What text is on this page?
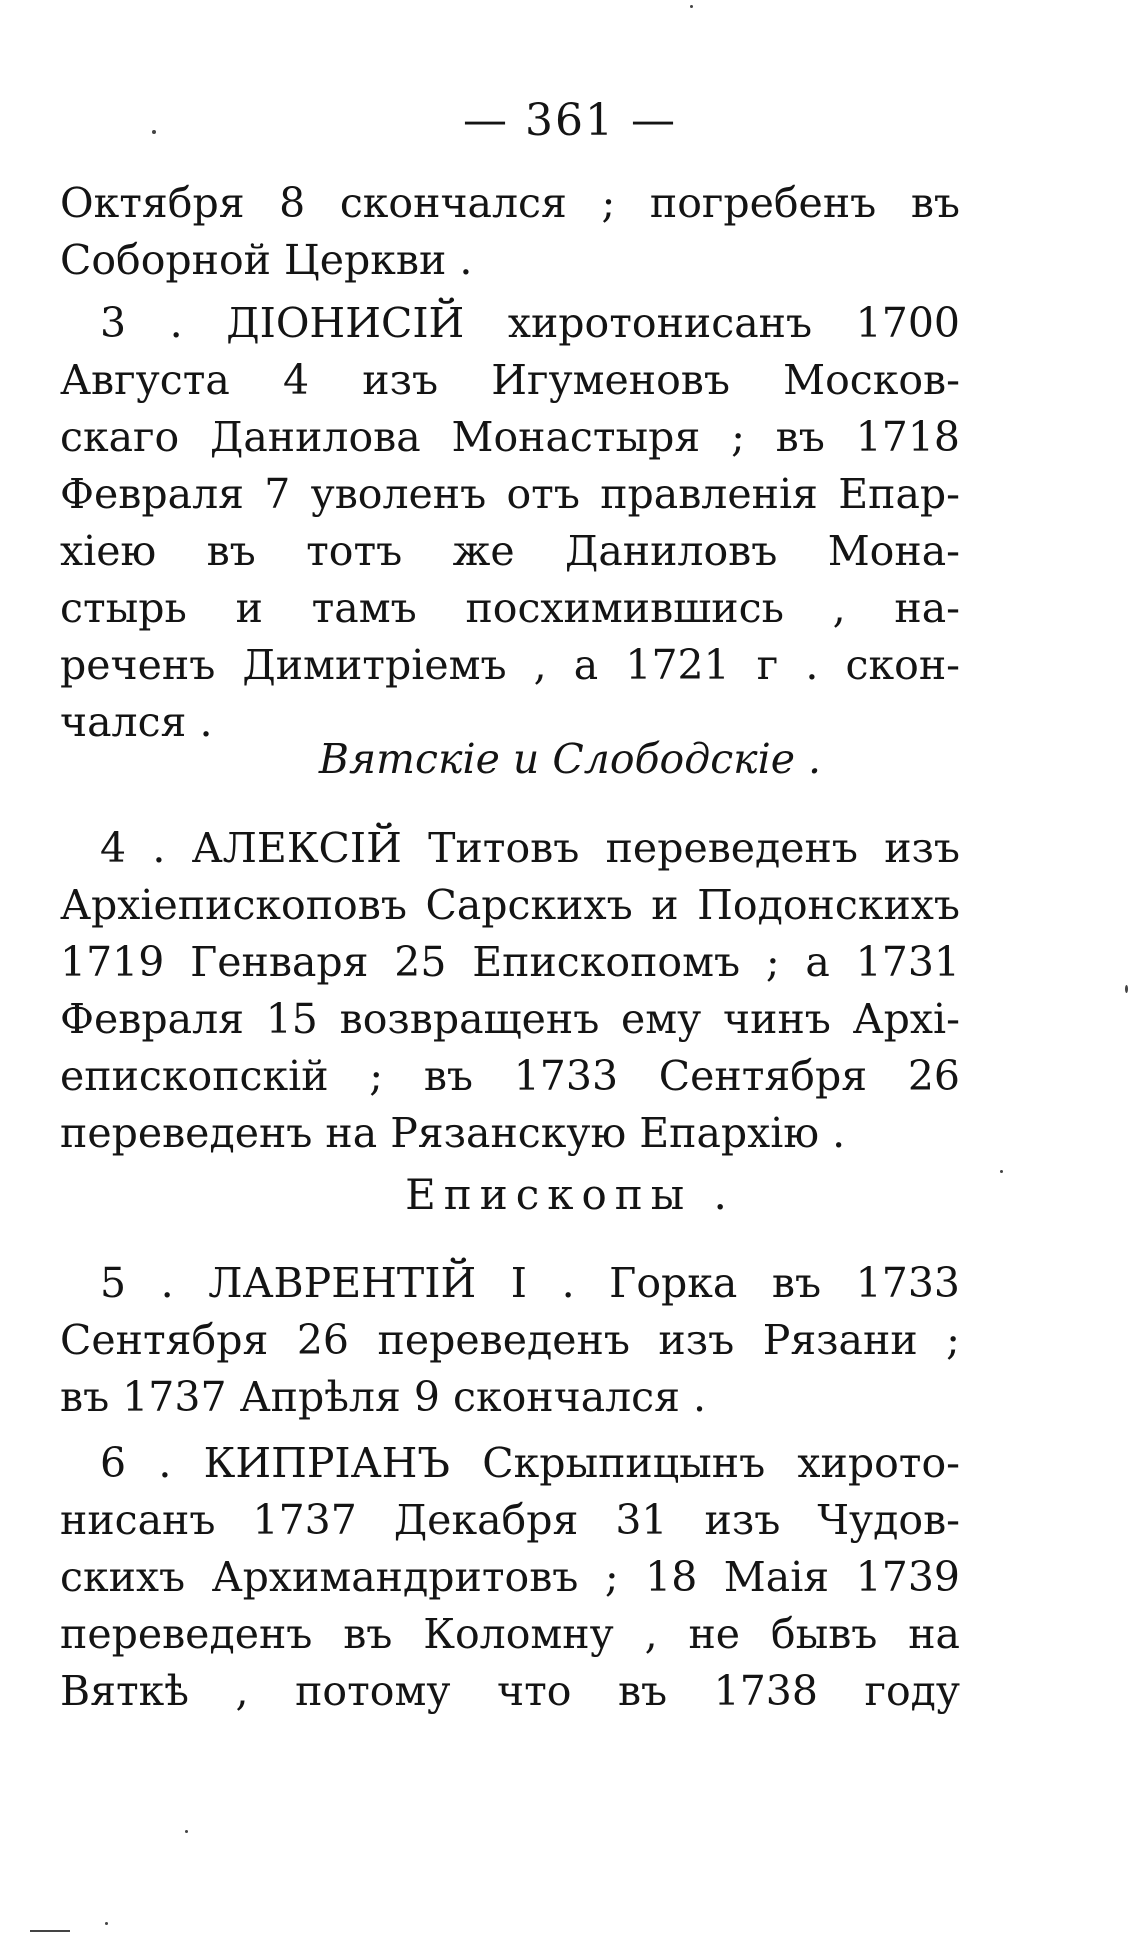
— 361 —
Октября 8 скончался ; погребенъ въ
Соборной Церкви .
3 . ДІОНИСІЙ хиротонисанъ 1700
Августа 4 изъ Игуменовъ Москов-
скаго Данилова Монастыря ; въ 1718
Февраля 7 уволенъ отъ правленія Епар-
хіею въ тотъ же Даниловъ Мона-
стырь и тамъ посхимившись , на-
реченъ Димитріемъ , а 1721 г . скон-
чался .
Вятскіе и Слободскіе .
4 . АЛЕКСІЙ Титовъ переведенъ изъ
Архіепископовъ Сарскихъ и Подонскихъ
1719 Генваря 25 Епископомъ ; а 1731
Февраля 15 возвращенъ ему чинъ Архі-
епископскій ; въ 1733 Сентября 26
переведенъ на Рязанскую Епархію .
Епископы .
5 . ЛАВРЕНТІЙ I . Горка въ 1733
Сентября 26 переведенъ изъ Рязани ;
въ 1737 Апрѣля 9 скончался .
6 . КИПРІАНЪ Скрыпицынъ хирото-
нисанъ 1737 Декабря 31 изъ Чудов-
скихъ Архимандритовъ ; 18 Маія 1739
переведенъ въ Коломну , не бывъ на
Вяткѣ , потому что въ 1738 году
